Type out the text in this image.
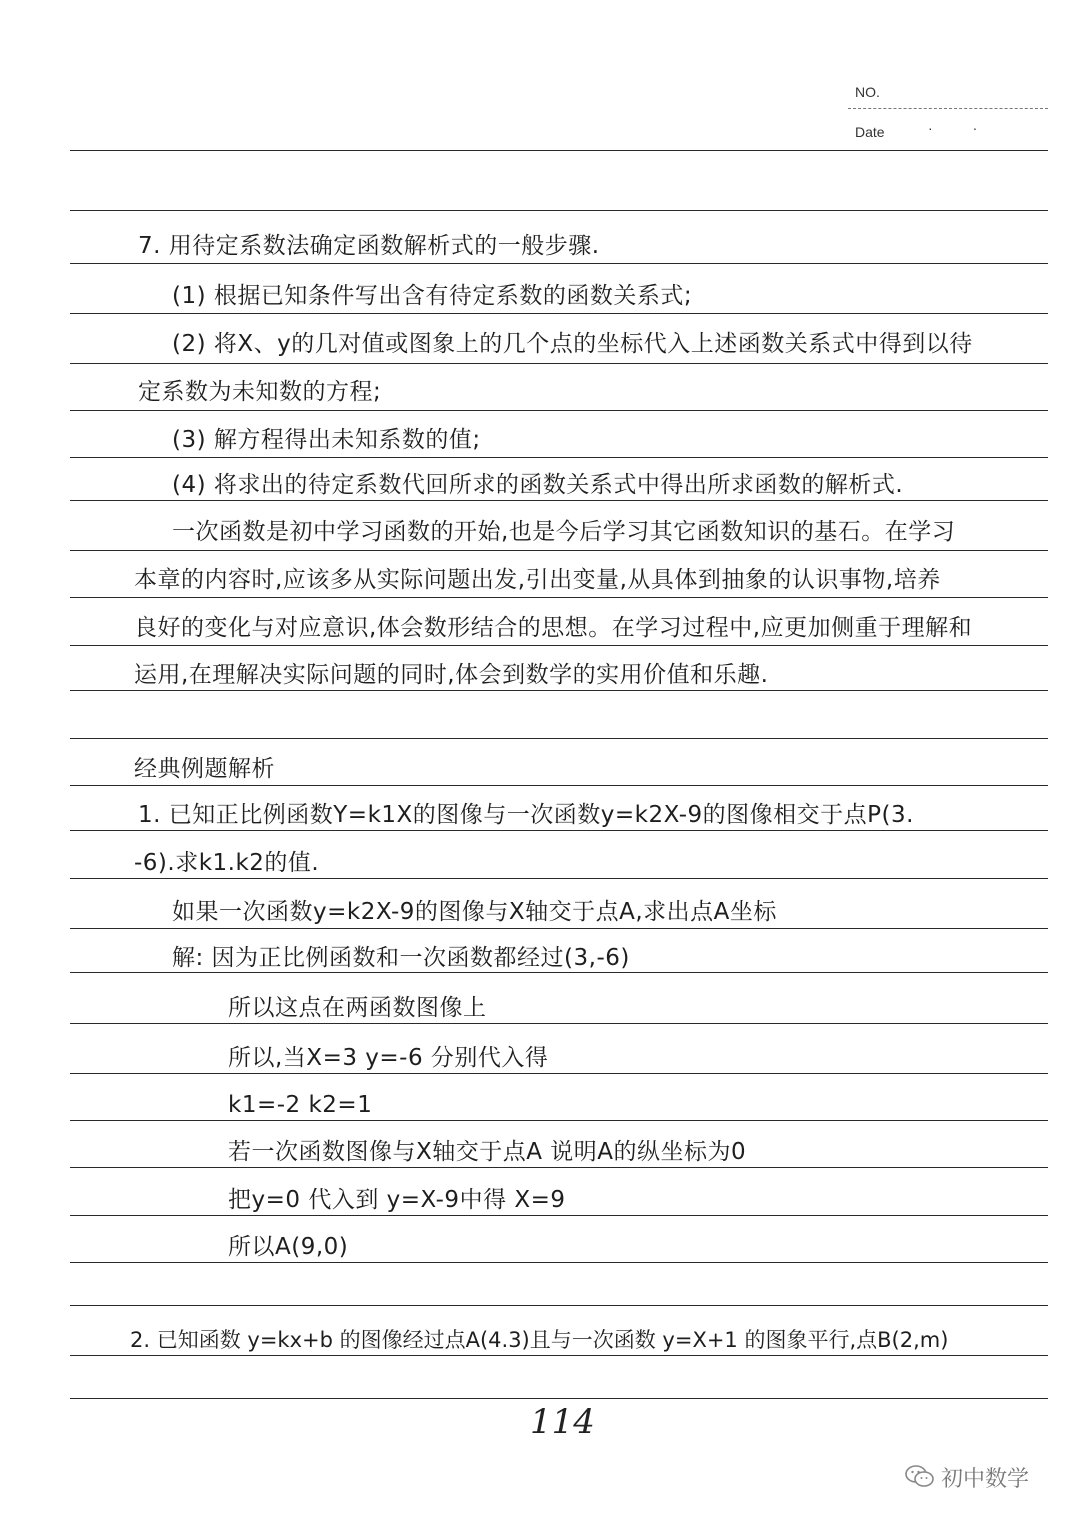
NO.
Date	··
7. 用待定系数法确定函数解析式的一般步骤.
(1) 根据已知条件写出含有待定系数的函数关系式;
(2) 将X、y的几对值或图象上的几个点的坐标代入上述函数关系式中得到以待
定系数为未知数的方程;
(3) 解方程得出未知系数的值;
(4) 将求出的待定系数代回所求的函数关系式中得出所求函数的解析式.
一次函数是初中学习函数的开始,也是今后学习其它函数知识的基石。在学习
本章的内容时,应该多从实际问题出发,引出变量,从具体到抽象的认识事物,培养
良好的变化与对应意识,体会数形结合的思想。在学习过程中,应更加侧重于理解和
运用,在理解决实际问题的同时,体会到数学的实用价值和乐趣.
经典例题解析
1. 已知正比例函数Y=k1X的图像与一次函数y=k2X-9的图像相交于点P(3.
-6).求k1.k2的值.
如果一次函数y=k2X-9的图像与X轴交于点A,求出点A坐标
解: 因为正比例函数和一次函数都经过(3,-6)
所以这点在两函数图像上
所以,当X=3 y=-6 分别代入得
k1=-2 k2=1
若一次函数图像与X轴交于点A 说明A的纵坐标为0
把y=0 代入到 y=X-9中得 X=9
所以A(9,0)
2. 已知函数 y=kx+b 的图像经过点A(4.3)且与一次函数 y=X+1 的图象平行,点B(2,m)
114
初中数学
